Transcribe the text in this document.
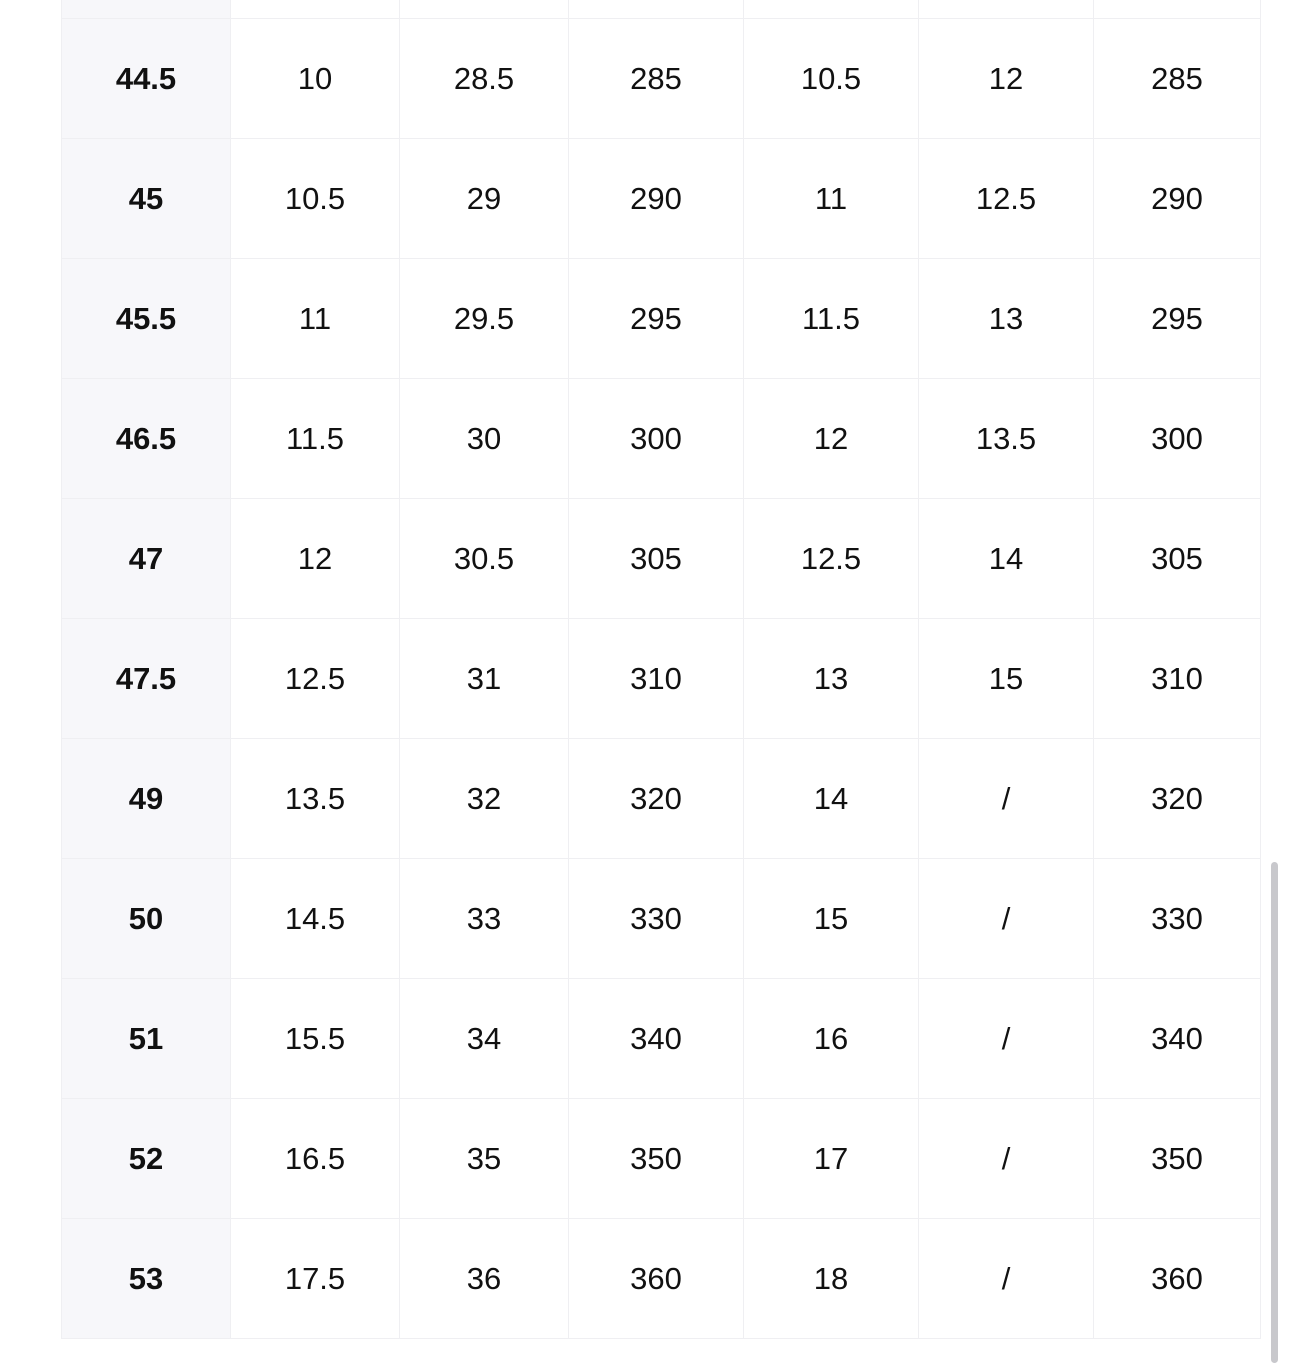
44.5	10	28.5	285	10.5	12	285
45	10.5	29	290	11	12.5	290
45.5	11	29.5	295	11.5	13	295
46.5	11.5	30	300	12	13.5	300
47	12	30.5	305	12.5	14	305
47.5	12.5	31	310	13	15	310
49	13.5	32	320	14	/	320
50	14.5	33	330	15	/	330
51	15.5	34	340	16	/	340
52	16.5	35	350	17	/	350
53	17.5	36	360	18	/	360
